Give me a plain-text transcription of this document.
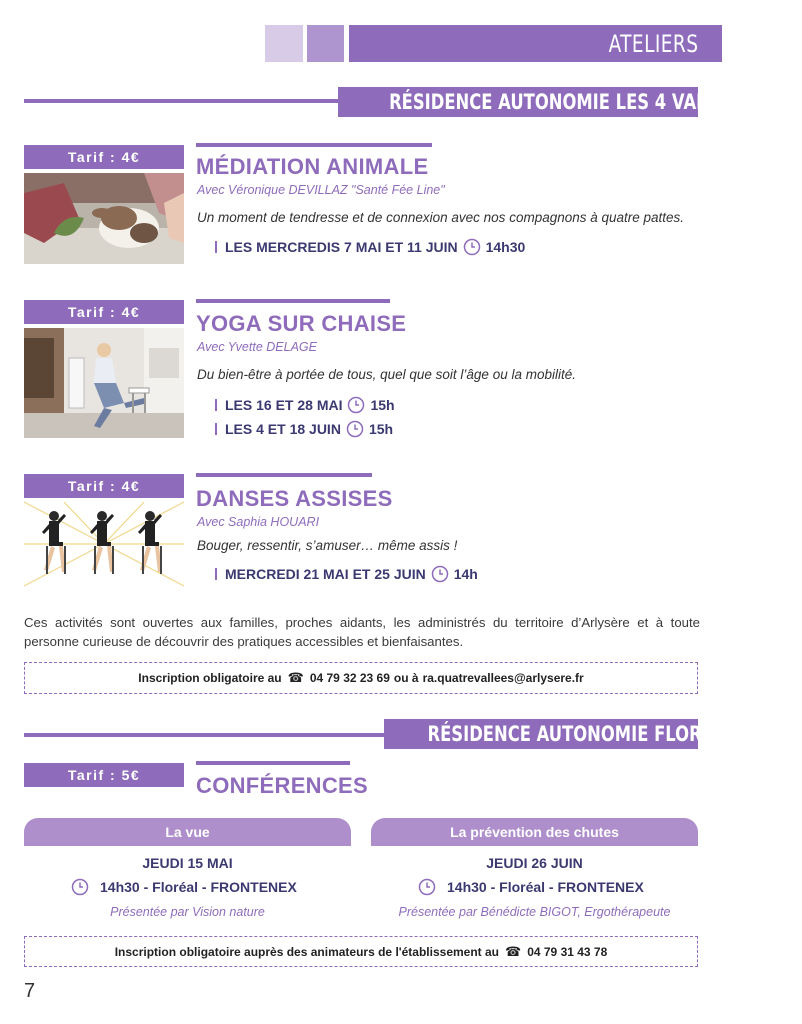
ATELIERS
RÉSIDENCE AUTONOMIE LES 4 VALLÉES
Tarif : 4€	MÉDIATION ANIMALE
Avec Véronique DEVILLAZ "Santé Fée Line"
Un moment de tendresse et de connexion avec nos compagnons à quatre pattes.
LES MERCREDIS 7 MAI ET 11 JUIN 14h30
Tarif : 4€	YOGA SUR CHAISE
Avec Yvette DELAGE
Du bien-être à portée de tous, quel que soit l’âge ou la mobilité.
LES 16 ET 28 MAI 15h
LES 4 ET 18 JUIN 15h
Tarif : 4€	DANSES ASSISES
Avec Saphia HOUARI
Bouger, ressentir, s’amuser… même assis !
MERCREDI 21 MAI ET 25 JUIN 14h
Ces activités sont ouvertes aux familles, proches aidants, les administrés du territoire d’Arlysère et à toute personne curieuse de découvrir des pratiques accessibles et bienfaisantes.
Inscription obligatoire au ☎ 04 79 32 23 69 ou à ra.quatrevallees@arlysere.fr
RÉSIDENCE AUTONOMIE FLORÉAL
Tarif : 5€	CONFÉRENCES
La vue
JEUDI 15 MAI
14h30 - Floréal - FRONTENEX
Présentée par Vision nature
La prévention des chutes
JEUDI 26 JUIN
14h30 - Floréal - FRONTENEX
Présentée par Bénédicte BIGOT, Ergothérapeute
Inscription obligatoire auprès des animateurs de l'établissement au ☎ 04 79 31 43 78
7
